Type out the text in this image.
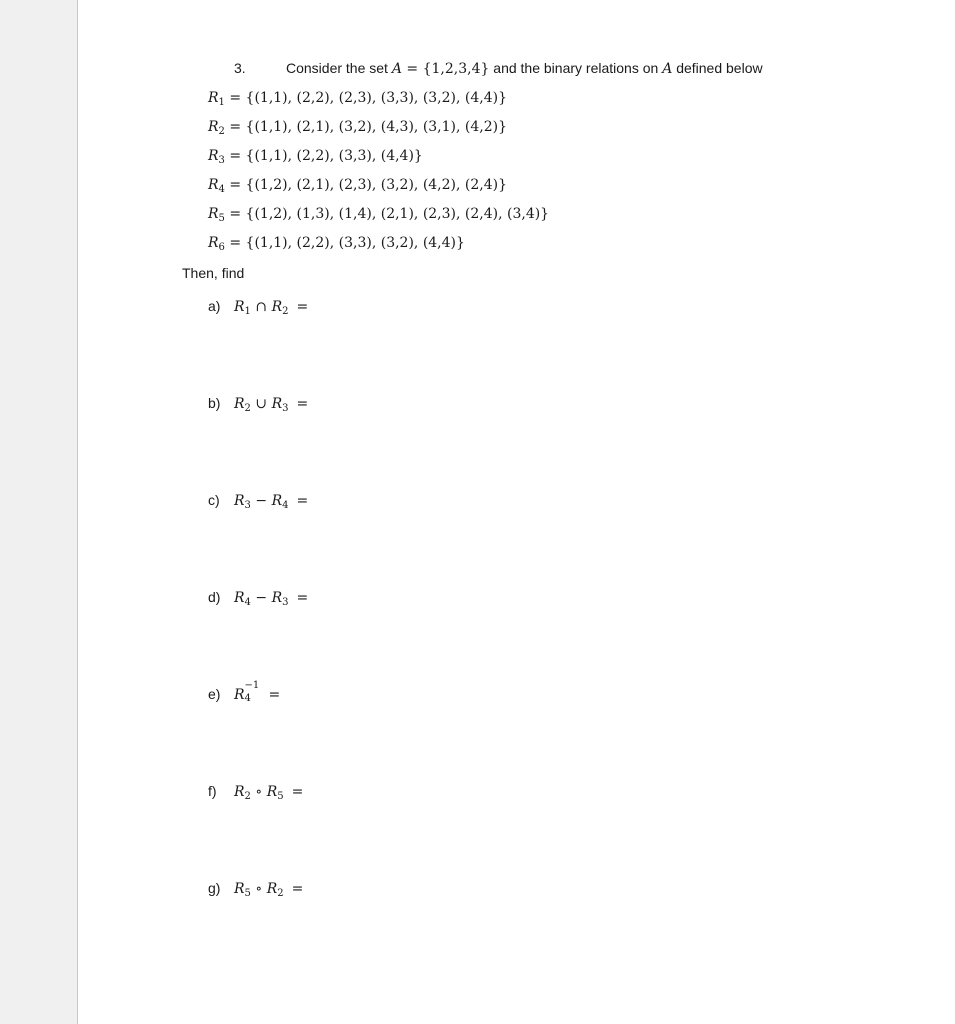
3.	Consider the set A = {1,2,3,4} and the binary relations on A defined below
$R_1 = \{(1,1)$, (2,2), (2,3), (3,3), (3,2), (4,4)}
$R_2 = \{(1,1)$, (2,1), (3,2), (4,3), (3,1), (4,2)}
$R_3 = \{(1,1)$, (2,2), (3,3), (4,4)}
$R_4 = \{(1,2)$, (2,1), (2,3), (3,2), (4,2), (2,4)}
$R_5 = \{(1,2)$, (1,3), (1,4), (2,1), (2,3), (2,4), (3,4)}
$R_6 = \{(1,1)$, (2,2), (3,3), (3,2), (4,4)}
Then, find
a) $R_1$ ∩ $R_2$ =
b) $R_2$ ∪ $R_3$ =
c) $R_3 - R_4$ =
d) $R_4 - R_3$ =
e) R
−1
4 =
f) $R_2$ ∘ $R_5$ =
g) $R_5$ ∘ $R_2$ =
